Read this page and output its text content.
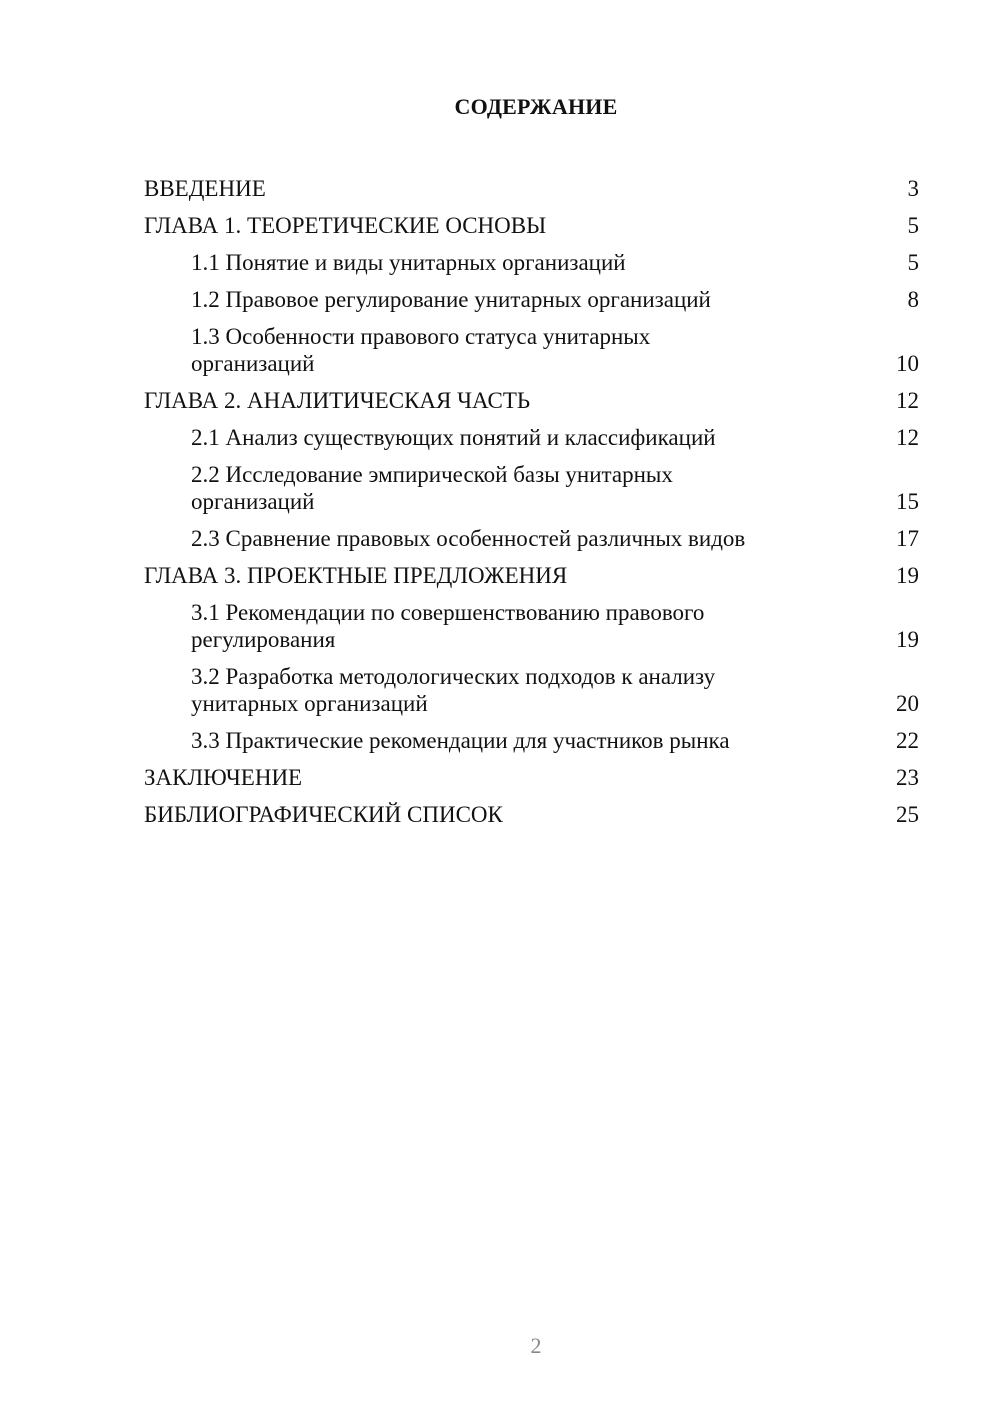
СОДЕРЖАНИЕ
ВВЕДЕНИЕ	3
ГЛАВА 1. ТЕОРЕТИЧЕСКИЕ ОСНОВЫ	5
1.1 Понятие и виды унитарных организаций	5
1.2 Правовое регулирование унитарных организаций	8
1.3 Особенности правового статуса унитарных организаций	10
ГЛАВА 2. АНАЛИТИЧЕСКАЯ ЧАСТЬ	12
2.1 Анализ существующих понятий и классификаций	12
2.2 Исследование эмпирической базы унитарных организаций	15
2.3 Сравнение правовых особенностей различных видов	17
ГЛАВА 3. ПРОЕКТНЫЕ ПРЕДЛОЖЕНИЯ	19
3.1 Рекомендации по совершенствованию правового регулирования	19
3.2 Разработка методологических подходов к анализу унитарных организаций	20
3.3 Практические рекомендации для участников рынка	22
ЗАКЛЮЧЕНИЕ	23
БИБЛИОГРАФИЧЕСКИЙ СПИСОК	25
2
